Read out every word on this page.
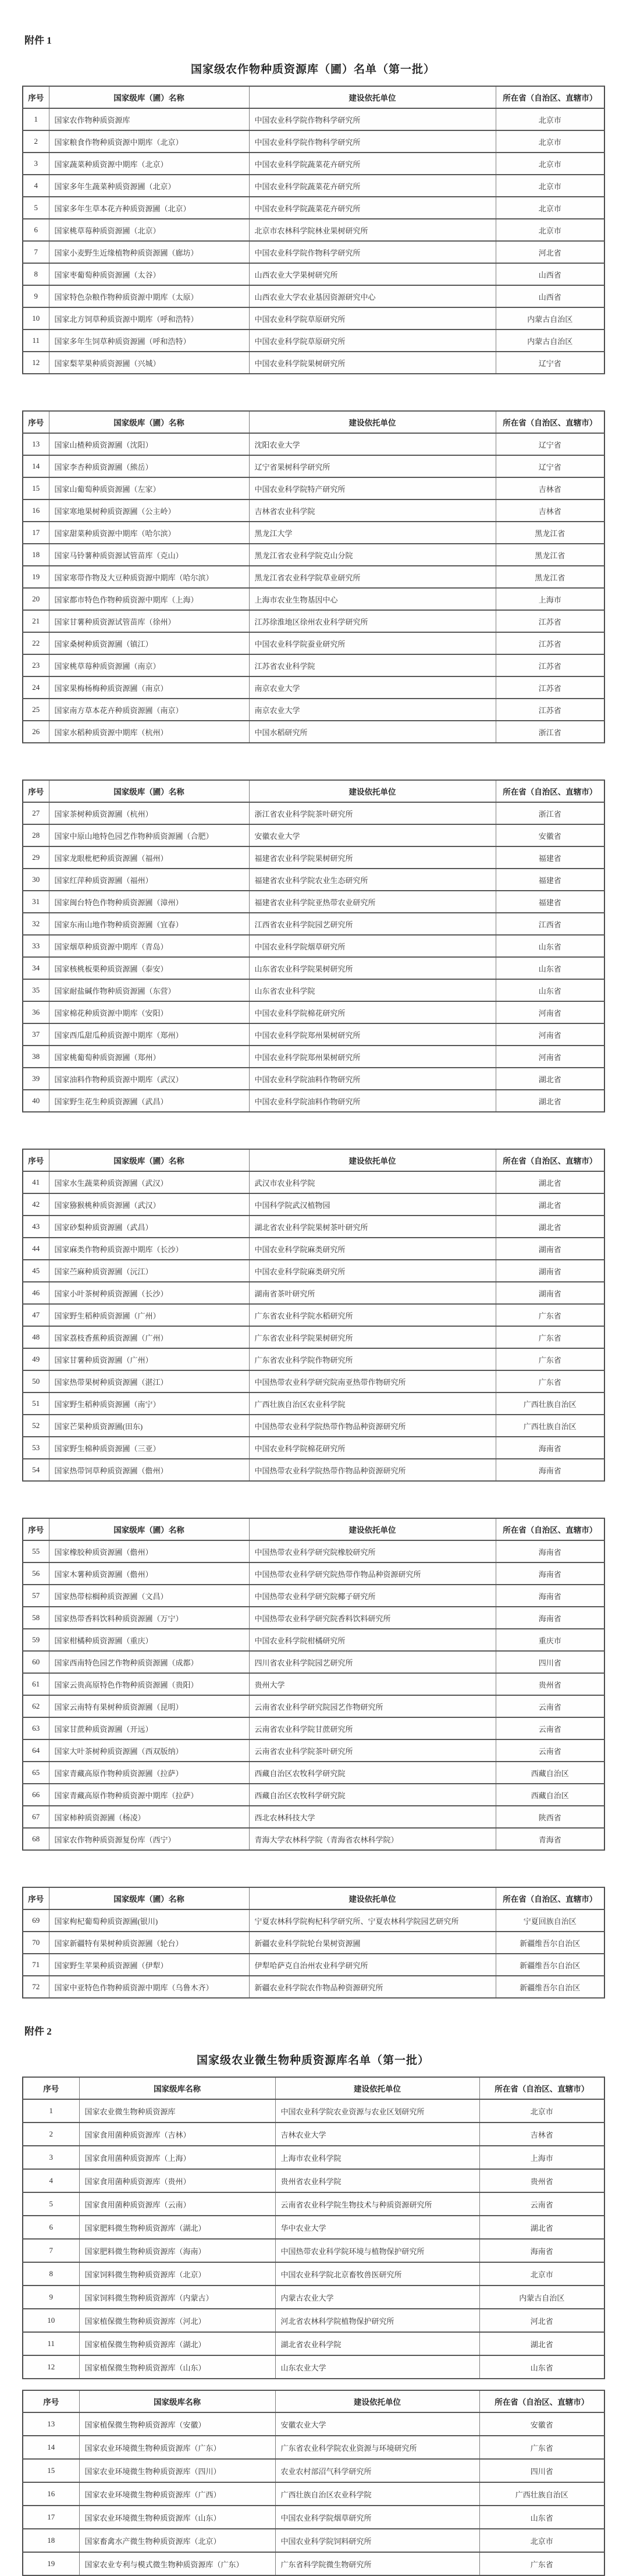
附件 1
国家级农作物种质资源库（圃）名单（第一批）
序号	国家级库（圃）名称	建设依托单位	所在省（自治区、直辖市）
1	国家农作物种质资源库	中国农业科学院作物科学研究所	北京市
2	国家粮食作物种质资源中期库（北京）	中国农业科学院作物科学研究所	北京市
3	国家蔬菜种质资源中期库（北京）	中国农业科学院蔬菜花卉研究所	北京市
4	国家多年生蔬菜种质资源圃（北京）	中国农业科学院蔬菜花卉研究所	北京市
5	国家多年生草本花卉种质资源圃（北京）	中国农业科学院蔬菜花卉研究所	北京市
6	国家桃草莓种质资源圃（北京）	北京市农林科学院林业果树研究所	北京市
7	国家小麦野生近缘植物种质资源圃（廊坊）	中国农业科学院作物科学研究所	河北省
8	国家枣葡萄种质资源圃（太谷）	山西农业大学果树研究所	山西省
9	国家特色杂粮作物种质资源中期库（太原）	山西农业大学农业基因资源研究中心	山西省
10	国家北方饲草种质资源中期库（呼和浩特）	中国农业科学院草原研究所	内蒙古自治区
11	国家多年生饲草种质资源圃（呼和浩特）	中国农业科学院草原研究所	内蒙古自治区
12	国家梨苹果种质资源圃（兴城）	中国农业科学院果树研究所	辽宁省
序号	国家级库（圃）名称	建设依托单位	所在省（自治区、直辖市）
13	国家山楂种质资源圃（沈阳）	沈阳农业大学	辽宁省
14	国家李杏种质资源圃（熊岳）	辽宁省果树科学研究所	辽宁省
15	国家山葡萄种质资源圃（左家）	中国农业科学院特产研究所	吉林省
16	国家寒地果树种质资源圃（公主岭）	吉林省农业科学院	吉林省
17	国家甜菜种质资源中期库（哈尔滨）	黑龙江大学	黑龙江省
18	国家马铃薯种质资源试管苗库（克山）	黑龙江省农业科学院克山分院	黑龙江省
19	国家寒带作物及大豆种质资源中期库（哈尔滨）	黑龙江省农业科学院草业研究所	黑龙江省
20	国家都市特色作物种质资源中期库（上海）	上海市农业生物基因中心	上海市
21	国家甘薯种质资源试管苗库（徐州）	江苏徐淮地区徐州农业科学研究所	江苏省
22	国家桑树种质资源圃（镇江）	中国农业科学院蚕业研究所	江苏省
23	国家桃草莓种质资源圃（南京）	江苏省农业科学院	江苏省
24	国家果梅杨梅种质资源圃（南京）	南京农业大学	江苏省
25	国家南方草本花卉种质资源圃（南京）	南京农业大学	江苏省
26	国家水稻种质资源中期库（杭州）	中国水稻研究所	浙江省
序号	国家级库（圃）名称	建设依托单位	所在省（自治区、直辖市）
27	国家茶树种质资源圃（杭州）	浙江省农业科学院茶叶研究所	浙江省
28	国家中原山地特色园艺作物种质资源圃（合肥）	安徽农业大学	安徽省
29	国家龙眼枇杷种质资源圃（福州）	福建省农业科学院果树研究所	福建省
30	国家红萍种质资源圃（福州）	福建省农业科学院农业生态研究所	福建省
31	国家闽台特色作物种质资源圃（漳州）	福建省农业科学院亚热带农业研究所	福建省
32	国家东南山地作物种质资源圃（宜春）	江西省农业科学院园艺研究所	江西省
33	国家烟草种质资源中期库（青岛）	中国农业科学院烟草研究所	山东省
34	国家核桃板栗种质资源圃（泰安）	山东省农业科学院果树研究所	山东省
35	国家耐盐碱作物种质资源圃（东营）	山东省农业科学院	山东省
36	国家棉花种质资源中期库（安阳）	中国农业科学院棉花研究所	河南省
37	国家西瓜甜瓜种质资源中期库（郑州）	中国农业科学院郑州果树研究所	河南省
38	国家桃葡萄种质资源圃（郑州）	中国农业科学院郑州果树研究所	河南省
39	国家油料作物种质资源中期库（武汉）	中国农业科学院油料作物研究所	湖北省
40	国家野生花生种质资源圃（武昌）	中国农业科学院油料作物研究所	湖北省
序号	国家级库（圃）名称	建设依托单位	所在省（自治区、直辖市）
41	国家水生蔬菜种质资源圃（武汉）	武汉市农业科学院	湖北省
42	国家猕猴桃种质资源圃（武汉）	中国科学院武汉植物园	湖北省
43	国家砂梨种质资源圃（武昌）	湖北省农业科学院果树茶叶研究所	湖北省
44	国家麻类作物种质资源中期库（长沙）	中国农业科学院麻类研究所	湖南省
45	国家苎麻种质资源圃（沅江）	中国农业科学院麻类研究所	湖南省
46	国家小叶茶树种质资源圃（长沙）	湖南省茶叶研究所	湖南省
47	国家野生稻种质资源圃（广州）	广东省农业科学院水稻研究所	广东省
48	国家荔枝香蕉种质资源圃（广州）	广东省农业科学院果树研究所	广东省
49	国家甘薯种质资源圃（广州）	广东省农业科学院作物研究所	广东省
50	国家热带果树种质资源圃（湛江）	中国热带农业科学研究院南亚热带作物研究所	广东省
51	国家野生稻种质资源圃（南宁）	广西壮族自治区农业科学院	广西壮族自治区
52	国家芒果种质资源圃(田东)	中国热带农业科学院热带作物品种资源研究所	广西壮族自治区
53	国家野生棉种质资源圃（三亚）	中国农业科学院棉花研究所	海南省
54	国家热带饲草种质资源圃（儋州）	中国热带农业科学院热带作物品种资源研究所	海南省
序号	国家级库（圃）名称	建设依托单位	所在省（自治区、直辖市）
55	国家橡胶种质资源圃（儋州）	中国热带农业科学研究院橡胶研究所	海南省
56	国家木薯种质资源圃（儋州）	中国热带农业科学研究院热带作物品种资源研究所	海南省
57	国家热带棕榈种质资源圃（文昌）	中国热带农业科学研究院椰子研究所	海南省
58	国家热带香料饮料种质资源圃（万宁）	中国热带农业科学研究院香料饮料研究所	海南省
59	国家柑橘种质资源圃（重庆）	中国农业科学院柑橘研究所	重庆市
60	国家西南特色园艺作物种质资源圃（成都）	四川省农业科学院园艺研究所	四川省
61	国家云贵高原特色作物种质资源圃（贵阳）	贵州大学	贵州省
62	国家云南特有果树种质资源圃（昆明）	云南省农业科学研究院园艺作物研究所	云南省
63	国家甘蔗种质资源圃（开远）	云南省农业科学院甘蔗研究所	云南省
64	国家大叶茶树种质资源圃（西双版纳）	云南省农业科学院茶叶研究所	云南省
65	国家青藏高原作物种质资源圃（拉萨）	西藏自治区农牧科学研究院	西藏自治区
66	国家青藏高原作物种质资源中期库（拉萨）	西藏自治区农牧科学研究院	西藏自治区
67	国家柿种质资源圃（杨凌）	西北农林科技大学	陕西省
68	国家农作物种质资源复份库（西宁）	青海大学农林科学院（青海省农林科学院）	青海省
序号	国家级库（圃）名称	建设依托单位	所在省（自治区、直辖市）
69	国家枸杞葡萄种质资源圃(银川)	宁夏农林科学院枸杞科学研究所、宁夏农林科学院园艺研究所	宁夏回族自治区
70	国家新疆特有果树种质资源圃（轮台）	新疆农业科学院轮台果树资源圃	新疆维吾尔自治区
71	国家野生苹果种质资源圃（伊犁）	伊犁哈萨克自治州农业科学研究所	新疆维吾尔自治区
72	国家中亚特色作物种质资源中期库（乌鲁木齐）	新疆农业科学院农作物品种资源研究所	新疆维吾尔自治区
附件 2
国家级农业微生物种质资源库名单（第一批）
序号	国家级库名称	建设依托单位	所在省（自治区、直辖市）
1	国家农业微生物种质资源库	中国农业科学院农业资源与农业区划研究所	北京市
2	国家食用菌种质资源库（吉林）	吉林农业大学	吉林省
3	国家食用菌种质资源库（上海）	上海市农业科学院	上海市
4	国家食用菌种质资源库（贵州）	贵州省农业科学院	贵州省
5	国家食用菌种质资源库（云南）	云南省农业科学院生物技术与种质资源研究所	云南省
6	国家肥料微生物种质资源库（湖北）	华中农业大学	湖北省
7	国家肥料微生物种质资源库（海南）	中国热带农业科学院环境与植物保护研究所	海南省
8	国家饲料微生物种质资源库（北京）	中国农业科学院北京畜牧兽医研究所	北京市
9	国家饲料微生物种质资源库（内蒙古）	内蒙古农业大学	内蒙古自治区
10	国家植保微生物种质资源库（河北）	河北省农林科学院植物保护研究所	河北省
11	国家植保微生物种质资源库（湖北）	湖北省农业科学院	湖北省
12	国家植保微生物种质资源库（山东）	山东农业大学	山东省
序号	国家级库名称	建设依托单位	所在省（自治区、直辖市）
13	国家植保微生物种质资源库（安徽）	安徽农业大学	安徽省
14	国家农业环境微生物种质资源库（广东）	广东省农业科学院农业资源与环境研究所	广东省
15	国家农业环境微生物种质资源库（四川）	农业农村部沼气科学研究所	四川省
16	国家农业环境微生物种质资源库（广西）	广西壮族自治区农业科学院	广西壮族自治区
17	国家农业环境微生物种质资源库（山东）	中国农业科学院烟草研究所	山东省
18	国家畜禽水产微生物种质资源库（北京）	中国农业科学院饲料研究所	北京市
19	国家农业专利与模式微生物种质资源库（广东）	广东省科学院微生物研究所	广东省
